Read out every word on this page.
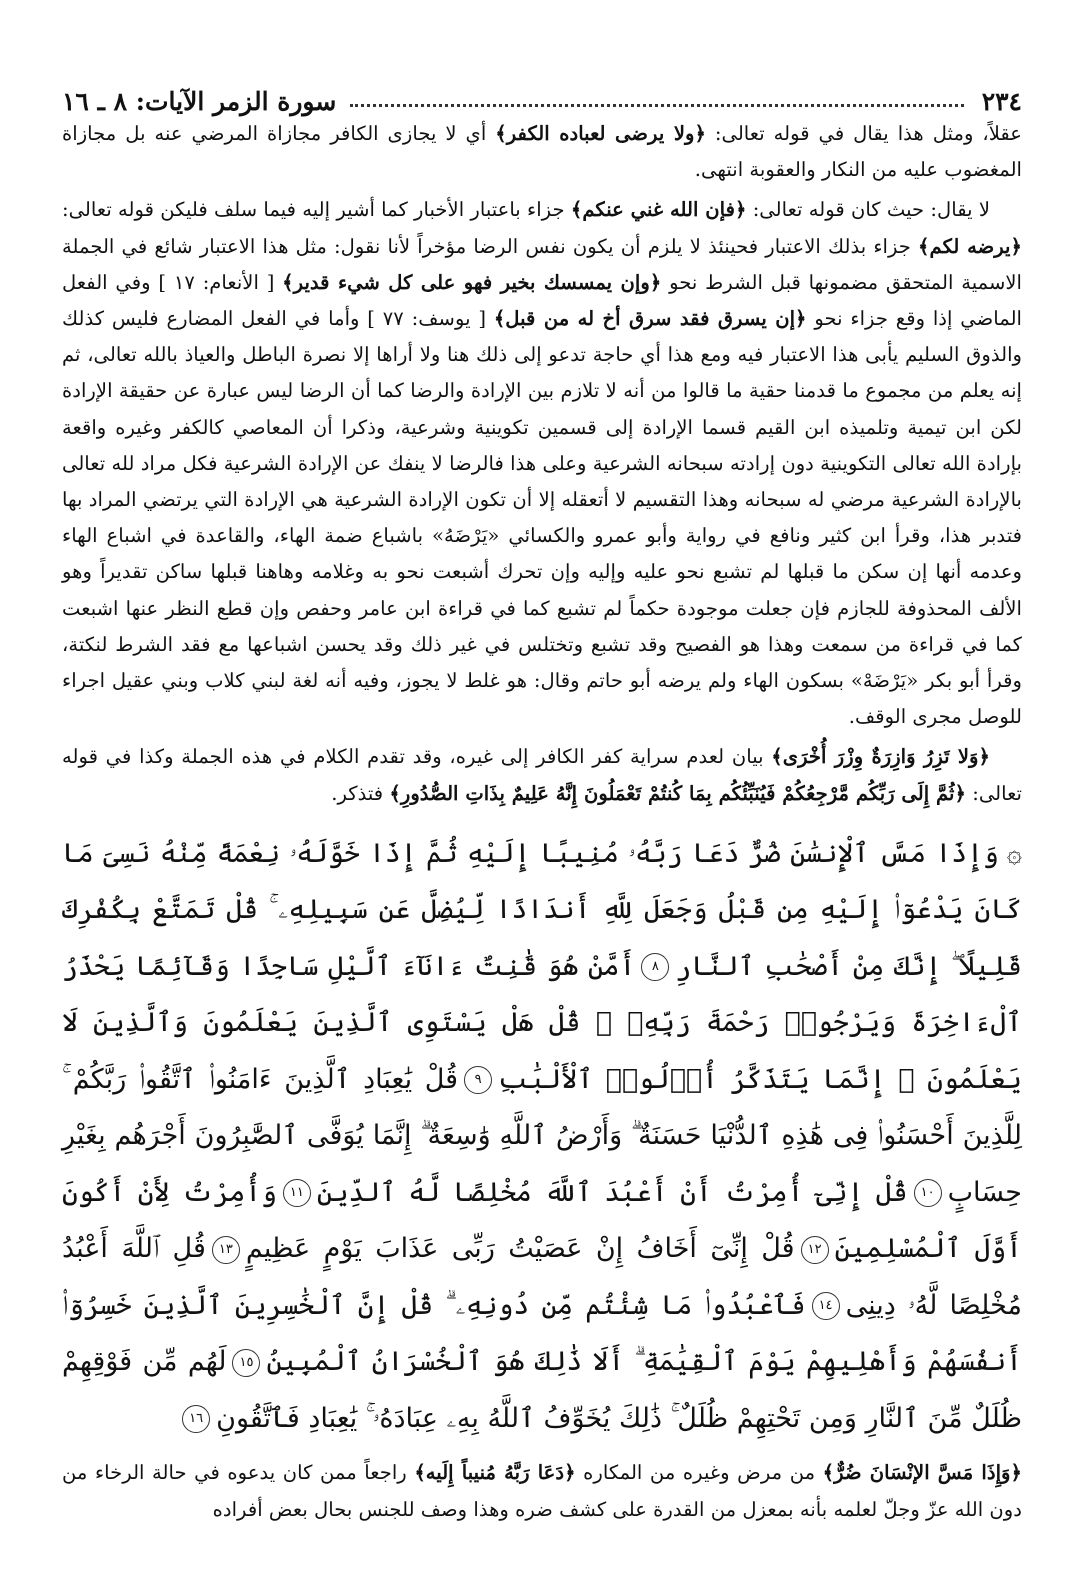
٢٣٤
سورة الزمر الآيات: ٨ ـ ١٦

عقلاً، ومثل هذا يقال في قوله تعالى: ﴿ولا يرضى لعباده الكفر﴾ أي لا يجازى الكافر مجازاة المرضي عنه بل مجازاة المغضوب عليه من النكار والعقوبة انتهى.

لا يقال: حيث كان قوله تعالى: ﴿فإن الله غني عنكم﴾ جزاء باعتبار الأخبار كما أشير إليه فيما سلف فليكن قوله تعالى: ﴿يرضه لكم﴾ جزاء بذلك الاعتبار فحينئذ لا يلزم أن يكون نفس الرضا مؤخراً لأنا نقول: مثل هذا الاعتبار شائع في الجملة الاسمية المتحقق مضمونها قبل الشرط نحو ﴿وإن يمسسك بخير فهو على كل شيء قدير﴾ [ الأنعام: ١٧ ] وفي الفعل الماضي إذا وقع جزاء نحو ﴿إن يسرق فقد سرق أخ له من قبل﴾ [ يوسف: ٧٧ ] وأما في الفعل المضارع فليس كذلك والذوق السليم يأبى هذا الاعتبار فيه ومع هذا أي حاجة تدعو إلى ذلك هنا ولا أراها إلا نصرة الباطل والعياذ بالله تعالى، ثم إنه يعلم من مجموع ما قدمنا حقية ما قالوا من أنه لا تلازم بين الإرادة والرضا كما أن الرضا ليس عبارة عن حقيقة الإرادة لكن ابن تيمية وتلميذه ابن القيم قسما الإرادة إلى قسمين تكوينية وشرعية، وذكرا أن المعاصي كالكفر وغيره واقعة بإرادة الله تعالى التكوينية دون إرادته سبحانه الشرعية وعلى هذا فالرضا لا ينفك عن الإرادة الشرعية فكل مراد لله تعالى بالإرادة الشرعية مرضي له سبحانه وهذا التقسيم لا أتعقله إلا أن تكون الإرادة الشرعية هي الإرادة التي يرتضي المراد بها فتدبر هذا، وقرأ ابن كثير ونافع في رواية وأبو عمرو والكسائي «يَرْضَهُ» باشباع ضمة الهاء، والقاعدة في اشباع الهاء وعدمه أنها إن سكن ما قبلها لم تشبع نحو عليه وإليه وإن تحرك أشبعت نحو به وغلامه وهاهنا قبلها ساكن تقديراً وهو الألف المحذوفة للجازم فإن جعلت موجودة حكماً لم تشبع كما في قراءة ابن عامر وحفص وإن قطع النظر عنها اشبعت كما في قراءة من سمعت وهذا هو الفصيح وقد تشبع وتختلس في غير ذلك وقد يحسن اشباعها مع فقد الشرط لنكتة، وقرأ أبو بكر «يَرْضَهْ» بسكون الهاء ولم يرضه أبو حاتم وقال: هو غلط لا يجوز، وفيه أنه لغة لبني كلاب وبني عقيل اجراء للوصل مجرى الوقف.

﴿وَلا تَزِرُ وَازِرَةٌ وِزْرَ أُخْرَى﴾ بيان لعدم سراية كفر الكافر إلى غيره، وقد تقدم الكلام في هذه الجملة وكذا في قوله تعالى: ﴿ثُمَّ إِلَى رَبِّكُم مَّرْجِعُكُمْ فَيُنَبِّئُكُم بِمَا كُنتُمْ تَعْمَلُونَ إِنَّهُ عَلِيمٌ بِذَاتِ الصُّدُورِ﴾ فتذكر.

۞وَإِذَا مَسَّ ٱلْإِنسَٰنَ ضُرٌّ دَعَا رَبَّهُۥ مُنِيبًا إِلَيْهِ ثُمَّ إِذَا خَوَّلَهُۥ نِعْمَةً مِّنْهُ نَسِىَ مَا كَانَ يَدْعُوٓا۟ إِلَيْهِ مِن قَبْلُ وَجَعَلَ لِلَّهِ أَندَادًا لِّيُضِلَّ عَن سَبِيلِهِۦ ۚ قُلْ تَمَتَّعْ بِكُفْرِكَ قَلِيلًا ۖ إِنَّكَ مِنْ أَصْحَٰبِ ٱلنَّارِ٨أَمَّنْ هُوَ قَٰنِتٌ ءَانَآءَ ٱلَّيْلِ سَاجِدًا وَقَآئِمًا يَحْذَرُ ٱلْءَاخِرَةَ وَيَرْجُوا۟ رَحْمَةَ رَبِّهِۦ ۗ قُلْ هَلْ يَسْتَوِى ٱلَّذِينَ يَعْلَمُونَ وَٱلَّذِينَ لَا يَعْلَمُونَ ۗ إِنَّمَا يَتَذَكَّرُ أُو۟لُوا۟ ٱلْأَلْبَٰبِ٩قُلْ يَٰعِبَادِ ٱلَّذِينَ ءَامَنُوا۟ ٱتَّقُوا۟ رَبَّكُمْ ۚ لِلَّذِينَ أَحْسَنُوا۟ فِى هَٰذِهِ ٱلدُّنْيَا حَسَنَةٌ ۗ وَأَرْضُ ٱللَّهِ وَٰسِعَةٌ ۗ إِنَّمَا يُوَفَّى ٱلصَّٰبِرُونَ أَجْرَهُم بِغَيْرِ حِسَابٍ١٠قُلْ إِنِّىٓ أُمِرْتُ أَنْ أَعْبُدَ ٱللَّهَ مُخْلِصًا لَّهُ ٱلدِّينَ١١وَأُمِرْتُ لِأَنْ أَكُونَ أَوَّلَ ٱلْمُسْلِمِينَ١٢قُلْ إِنِّىٓ أَخَافُ إِنْ عَصَيْتُ رَبِّى عَذَابَ يَوْمٍ عَظِيمٍ١٣قُلِ ٱللَّهَ أَعْبُدُ مُخْلِصًا لَّهُۥ دِينِى١٤فَٱعْبُدُوا۟ مَا شِئْتُم مِّن دُونِهِۦ ۗ قُلْ إِنَّ ٱلْخَٰسِرِينَ ٱلَّذِينَ خَسِرُوٓا۟ أَنفُسَهُمْ وَأَهْلِيهِمْ يَوْمَ ٱلْقِيَٰمَةِ ۗ أَلَا ذَٰلِكَ هُوَ ٱلْخُسْرَانُ ٱلْمُبِينُ١٥لَهُم مِّن فَوْقِهِمْ ظُلَلٌ مِّنَ ٱلنَّارِ وَمِن تَحْتِهِمْ ظُلَلٌ ۚ ذَٰلِكَ يُخَوِّفُ ٱللَّهُ بِهِۦ عِبَادَهُۥ ۚ يَٰعِبَادِ فَٱتَّقُونِ١٦

﴿وَإِذَا مَسَّ الإنْسَانَ ضُرٌّ﴾ من مرض وغيره من المكاره ﴿دَعَا رَبَّهُ مُنيباً إِلَيه﴾ راجعاً ممن كان يدعوه في حالة الرخاء من دون الله عزّ وجلّ لعلمه بأنه بمعزل من القدرة على كشف ضره وهذا وصف للجنس بحال بعض أفراده
